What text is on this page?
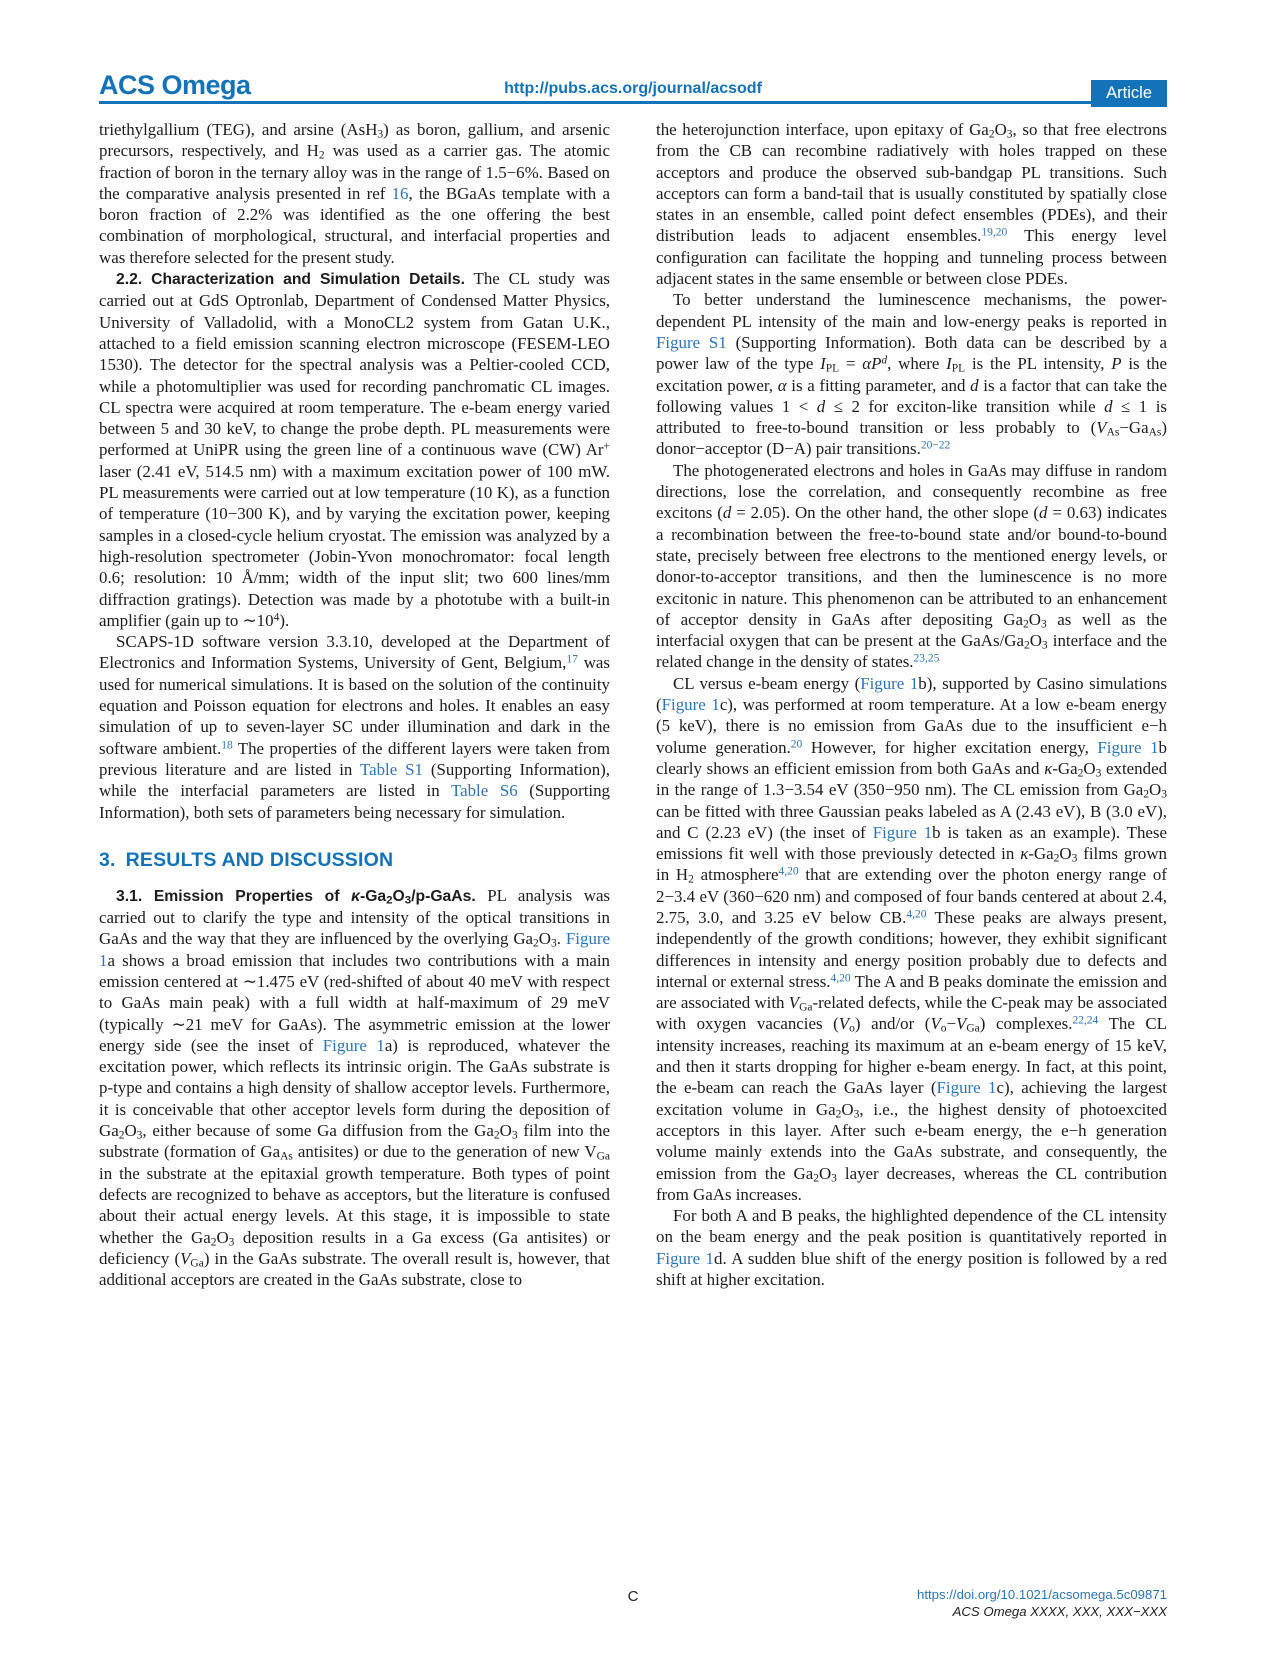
ACS Omega	http://pubs.acs.org/journal/acsodf	Article

triethylgallium (TEG), and arsine (AsH$_3$) as boron, gallium, and arsenic precursors, respectively, and $H_2$ was used as a carrier gas. The atomic fraction of boron in the ternary alloy was in the range of 1.5−6%. Based on the comparative analysis presented in ref 16, the BGaAs template with a boron fraction of 2.2% was identified as the one offering the best combination of morphological, structural, and interfacial properties and was therefore selected for the present study.

2.2. Characterization and Simulation Details. The CL study was carried out at GdS Optronlab, Department of Condensed Matter Physics, University of Valladolid, with a MonoCL2 system from Gatan U.K., attached to a field emission scanning electron microscope (FESEM-LEO 1530). The detector for the spectral analysis was a Peltier-cooled CCD, while a photomultiplier was used for recording panchromatic CL images. CL spectra were acquired at room temperature. The e-beam energy varied between 5 and 30 keV, to change the probe depth. PL measurements were performed at UniPR using the green line of a continuous wave (CW) Ar+ laser (2.41 eV, 514.5 nm) with a maximum excitation power of 100 mW. PL measurements were carried out at low temperature (10 K), as a function of temperature (10−300 K), and by varying the excitation power, keeping samples in a closed-cycle helium cryostat. The emission was analyzed by a high-resolution spectrometer (Jobin-Yvon monochromator: focal length 0.6; resolution: 10 Å/mm; width of the input slit; two 600 lines/mm diffraction gratings). Detection was made by a phototube with a built-in amplifier (gain up to $\sim 10^4$).

SCAPS-1D software version 3.3.10, developed at the Department of Electronics and Information Systems, University of Gent, Belgium,$^{17}$ was used for numerical simulations. It is based on the solution of the continuity equation and Poisson equation for electrons and holes. It enables an easy simulation of up to seven-layer SC under illumination and dark in the software ambient.$^{18}$ The properties of the different layers were taken from previous literature and are listed in Table S1 (Supporting Information), while the interfacial parameters are listed in Table S6 (Supporting Information), both sets of parameters being necessary for simulation.

3. RESULTS AND DISCUSSION

3.1. Emission Properties of $\kappa-Ga_2O_3/p$-GaAs. PL analysis was carried out to clarify the type and intensity of the optical transitions in GaAs and the way that they are influenced by the overlying $Ga_2O_3$. Figure 1a shows a broad emission that includes two contributions with a main emission centered at ∼1.475 eV (red-shifted of about 40 meV with respect to GaAs main peak) with a full width at half-maximum of 29 meV (typically ∼21 meV for GaAs). The asymmetric emission at the lower energy side (see the inset of Figure 1a) is reproduced, whatever the excitation power, which reflects its intrinsic origin. The GaAs substrate is p-type and contains a high density of shallow acceptor levels. Furthermore, it is conceivable that other acceptor levels form during the deposition of $Ga_2O_3$, either because of some Ga diffusion from the $Ga_2O_3$ film into the substrate (formation of $Ga_{As}$ antisites) or due to the generation of new $V_{Ga}$ in the substrate at the epitaxial growth temperature. Both types of point defects are recognized to behave as acceptors, but the literature is confused about their actual energy levels. At this stage, it is impossible to state whether the $Ga_2O_3$ deposition results in a Ga excess (Ga antisites) or deficiency $(V_{Ga})$ in the GaAs substrate. The overall result is, however, that additional acceptors are created in the GaAs substrate, close to

the heterojunction interface, upon epitaxy of $Ga_2O_3$, so that free electrons from the CB can recombine radiatively with holes trapped on these acceptors and produce the observed sub-bandgap PL transitions. Such acceptors can form a band-tail that is usually constituted by spatially close states in an ensemble, called point defect ensembles (PDEs), and their distribution leads to adjacent ensembles.$^{19,20}$ This energy level configuration can facilitate the hopping and tunneling process between adjacent states in the same ensemble or between close PDEs.

To better understand the luminescence mechanisms, the power-dependent PL intensity of the main and low-energy peaks is reported in Figure S1 (Supporting Information). Both data can be described by a power law of the type $I_{PL} = \alpha P^d$, where $I_{PL}$ is the PL intensity, P is the excitation power, α is a fitting parameter, and d is a factor that can take the following values 1 < d ≤ 2 for exciton-like transition while d ≤ 1 is attributed to free-to-bound transition or less probably to $(V_{As}-Ga_{As})$ donor−acceptor (D−A) pair transitions.$^{20-22}$

The photogenerated electrons and holes in GaAs may diffuse in random directions, lose the correlation, and consequently recombine as free excitons (d = 2.05). On the other hand, the other slope (d = 0.63) indicates a recombination between the free-to-bound state and/or bound-to-bound state, precisely between free electrons to the mentioned energy levels, or donor-to-acceptor transitions, and then the luminescence is no more excitonic in nature. This phenomenon can be attributed to an enhancement of acceptor density in GaAs after depositing $Ga_2O_3$ as well as the interfacial oxygen that can be present at the GaAs/$Ga_2O_3$ interface and the related change in the density of states.$^{23,25}$

CL versus e-beam energy (Figure 1b), supported by Casino simulations (Figure 1c), was performed at room temperature. At a low e-beam energy (5 keV), there is no emission from GaAs due to the insufficient e−h volume generation.$^{20}$ However, for higher excitation energy, Figure 1b clearly shows an efficient emission from both GaAs and $\kappa-Ga_2O_3$ extended in the range of 1.3−3.54 eV (350−950 nm). The CL emission from $Ga_2O_3$ can be fitted with three Gaussian peaks labeled as A (2.43 eV), B (3.0 eV), and C (2.23 eV) (the inset of Figure 1b is taken as an example). These emissions fit well with those previously detected in $\kappa-Ga_2O_3$ films grown in $H_2$ atmosphere$^{4,20}$ that are extending over the photon energy range of 2−3.4 eV (360−620 nm) and composed of four bands centered at about 2.4, 2.75, 3.0, and 3.25 eV below CB.$^{4,20}$ These peaks are always present, independently of the growth conditions; however, they exhibit significant differences in intensity and energy position probably due to defects and internal or external stress.$^{4,20}$ The A and B peaks dominate the emission and are associated with $V_{Ga}$-related defects, while the C-peak may be associated with oxygen vacancies $(V_o)$ and/or $(V_o-V_{Ga})$ complexes.$^{22,24}$ The CL intensity increases, reaching its maximum at an e-beam energy of 15 keV, and then it starts dropping for higher e-beam energy. In fact, at this point, the e-beam can reach the GaAs layer (Figure 1c), achieving the largest excitation volume in $Ga_2O_3$, i.e., the highest density of photoexcited acceptors in this layer. After such e-beam energy, the e−h generation volume mainly extends into the GaAs substrate, and consequently, the emission from the $Ga_2O_3$ layer decreases, whereas the CL contribution from GaAs increases.

For both A and B peaks, the highlighted dependence of the CL intensity on the beam energy and the peak position is quantitatively reported in Figure 1d. A sudden blue shift of the energy position is followed by a red shift at higher excitation.

C	https://doi.org/10.1021/acsomega.5c09871
ACS Omega XXXX, XXX, XXX−XXX
